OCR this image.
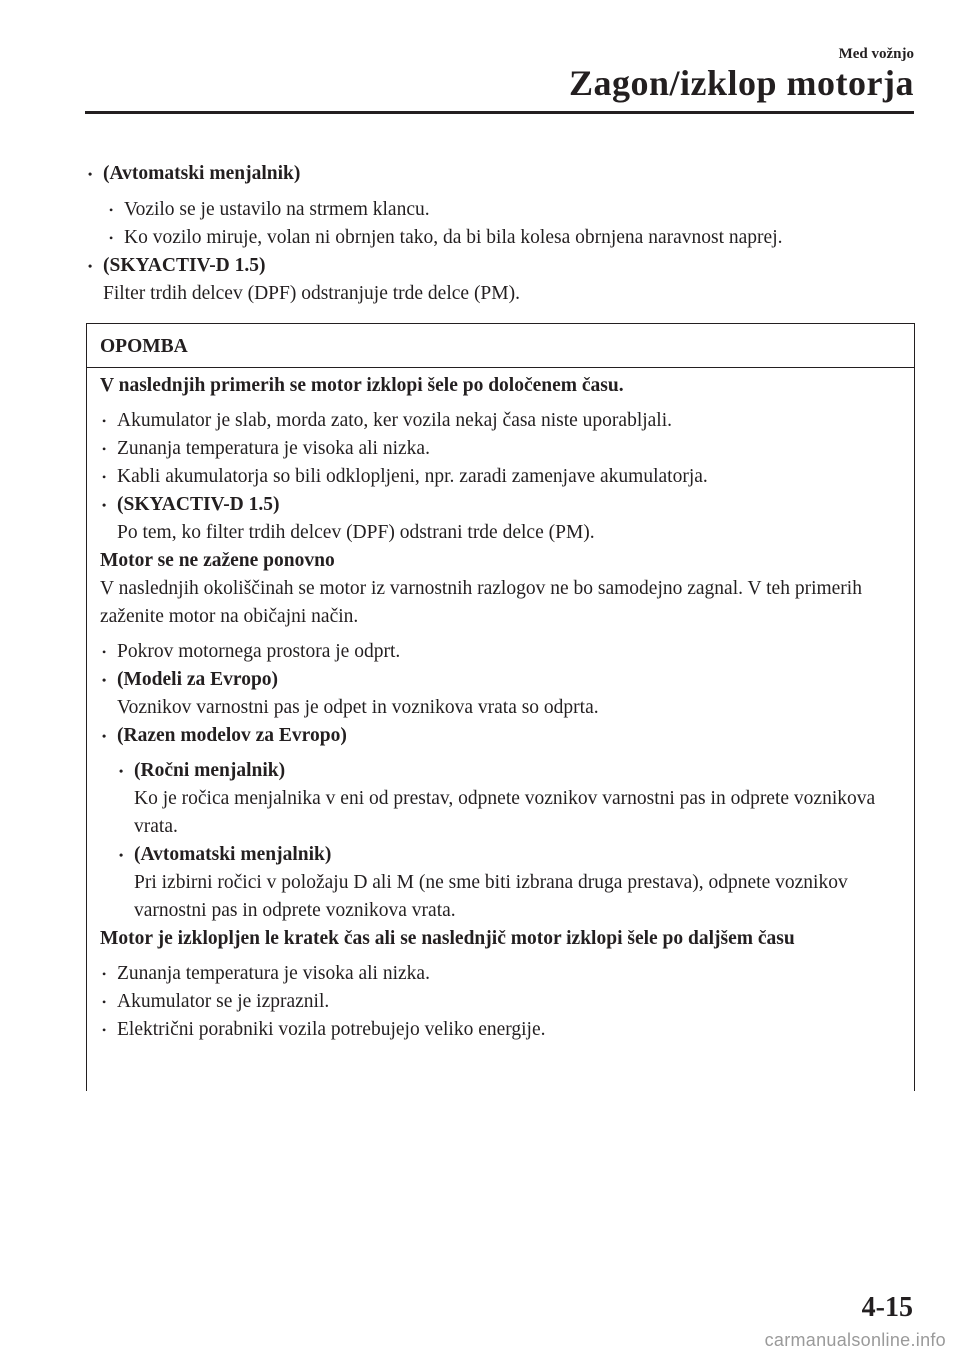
Med vožnjo
Zagon/izklop motorja
• (Avtomatski menjalnik)
• Vozilo se je ustavilo na strmem klancu.
• Ko vozilo miruje, volan ni obrnjen tako, da bi bila kolesa obrnjena naravnost naprej.
• (SKYACTIV-D 1.5)
Filter trdih delcev (DPF) odstranjuje trde delce (PM).
OPOMBA

V naslednjih primerih se motor izklopi šele po določenem času.

• Akumulator je slab, morda zato, ker vozila nekaj časa niste uporabljali.
• Zunanja temperatura je visoka ali nizka.
• Kabli akumulatorja so bili odklopljeni, npr. zaradi zamenjave akumulatorja.
• (SKYACTIV-D 1.5)
Po tem, ko filter trdih delcev (DPF) odstrani trde delce (PM).

Motor se ne zažene ponovno

V naslednjih okoliščinah se motor iz varnostnih razlogov ne bo samodejno zagnal. V teh primerih zaženite motor na običajni način.

• Pokrov motornega prostora je odprt.
• (Modeli za Evropo)
Voznikov varnostni pas je odpet in voznikova vrata so odprta.
• (Razen modelov za Evropo)
• (Ročni menjalnik)
Ko je ročica menjalnika v eni od prestav, odpnete voznikov varnostni pas in odprete voznikova vrata.
• (Avtomatski menjalnik)
Pri izbirni ročici v položaju D ali M (ne sme biti izbrana druga prestava), odpnete voznikov varnostni pas in odprete voznikova vrata.

Motor je izklopljen le kratek čas ali se naslednjič motor izklopi šele po daljšem času

• Zunanja temperatura je visoka ali nizka.
• Akumulator se je izpraznil.
• Električni porabniki vozila potrebujejo veliko energije.
4-15
carmanualsonline.info
